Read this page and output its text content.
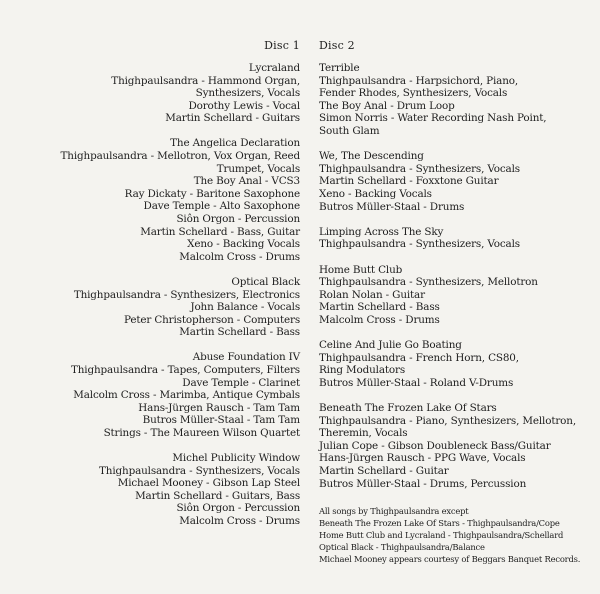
Disc 1 Disc 2
Lycraland
Thighpaulsandra - Hammond Organ,
Synthesizers, Vocals
Dorothy Lewis - Vocal
Martin Schellard - Guitars
The Angelica Declaration
Thighpaulsandra - Mellotron, Vox Organ, Reed
Trumpet, Vocals
The Boy Anal - VCS3
Ray Dickaty - Baritone Saxophone
Dave Temple - Alto Saxophone
Siôn Orgon - Percussion
Martin Schellard - Bass, Guitar
Xeno - Backing Vocals
Malcolm Cross - Drums
Optical Black
Thighpaulsandra - Synthesizers, Electronics
John Balance - Vocals
Peter Christopherson - Computers
Martin Schellard - Bass
Abuse Foundation IV
Thighpaulsandra - Tapes, Computers, Filters
Dave Temple - Clarinet
Malcolm Cross - Marimba, Antique Cymbals
Hans-Jürgen Rausch - Tam Tam
Butros Müller-Staal - Tam Tam
Strings - The Maureen Wilson Quartet
Michel Publicity Window
Thighpaulsandra - Synthesizers, Vocals
Michael Mooney - Gibson Lap Steel
Martin Schellard - Guitars, Bass
Siôn Orgon - Percussion
Malcolm Cross - Drums
Terrible
Thighpaulsandra - Harpsichord, Piano,
Fender Rhodes, Synthesizers, Vocals
The Boy Anal - Drum Loop
Simon Norris - Water Recording Nash Point,
South Glam
We, The Descending
Thighpaulsandra - Synthesizers, Vocals
Martin Schellard - Foxxtone Guitar
Xeno - Backing Vocals
Butros Müller-Staal - Drums
Limping Across The Sky
Thighpaulsandra - Synthesizers, Vocals
Home Butt Club
Thighpaulsandra - Synthesizers, Mellotron
Rolan Nolan - Guitar
Martin Schellard - Bass
Malcolm Cross - Drums
Celine And Julie Go Boating
Thighpaulsandra - French Horn, CS80,
Ring Modulators
Butros Müller-Staal - Roland V-Drums
Beneath The Frozen Lake Of Stars
Thighpaulsandra - Piano, Synthesizers, Mellotron,
Theremin, Vocals
Julian Cope - Gibson Doubleneck Bass/Guitar
Hans-Jürgen Rausch - PPG Wave, Vocals
Martin Schellard - Guitar
Butros Müller-Staal - Drums, Percussion
All songs by Thighpaulsandra except
Beneath The Frozen Lake Of Stars - Thighpaulsandra/Cope
Home Butt Club and Lycraland - Thighpaulsandra/Schellard
Optical Black - Thighpaulsandra/Balance
Michael Mooney appears courtesy of Beggars Banquet Records.
